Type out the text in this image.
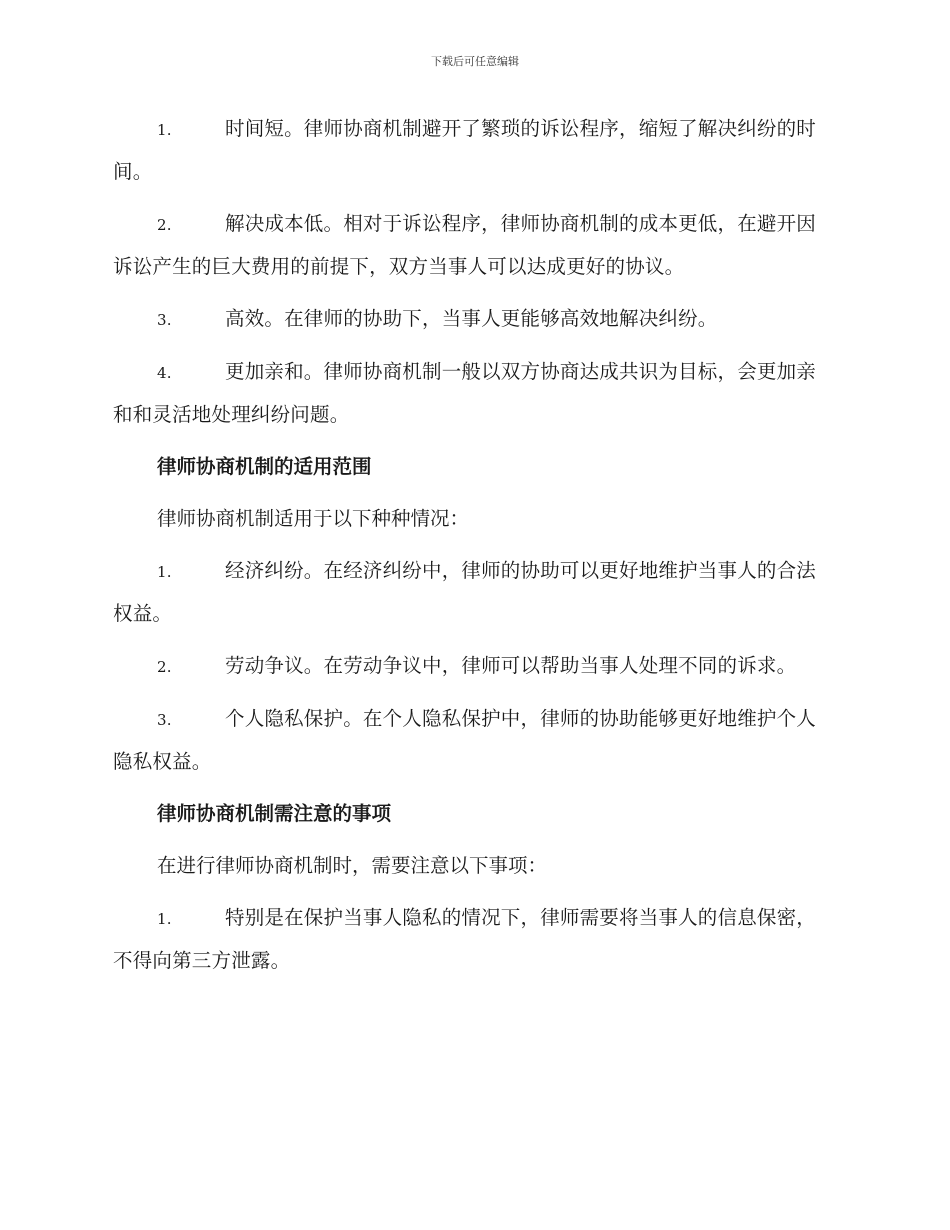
下载后可任意编辑

1.	时间短。律师协商机制避开了繁琐的诉讼程序，缩短了解决纠纷的时间。

2.	解决成本低。相对于诉讼程序，律师协商机制的成本更低，在避开因诉讼产生的巨大费用的前提下，双方当事人可以达成更好的协议。

3.	高效。在律师的协助下，当事人更能够高效地解决纠纷。

4.	更加亲和。律师协商机制一般以双方协商达成共识为目标，会更加亲和和灵活地处理纠纷问题。

律师协商机制的适用范围

律师协商机制适用于以下种种情况：

1.	经济纠纷。在经济纠纷中，律师的协助可以更好地维护当事人的合法权益。

2.	劳动争议。在劳动争议中，律师可以帮助当事人处理不同的诉求。

3.	个人隐私保护。在个人隐私保护中，律师的协助能够更好地维护个人隐私权益。

律师协商机制需注意的事项

在进行律师协商机制时，需要注意以下事项：

1.	特别是在保护当事人隐私的情况下，律师需要将当事人的信息保密，不得向第三方泄露。
